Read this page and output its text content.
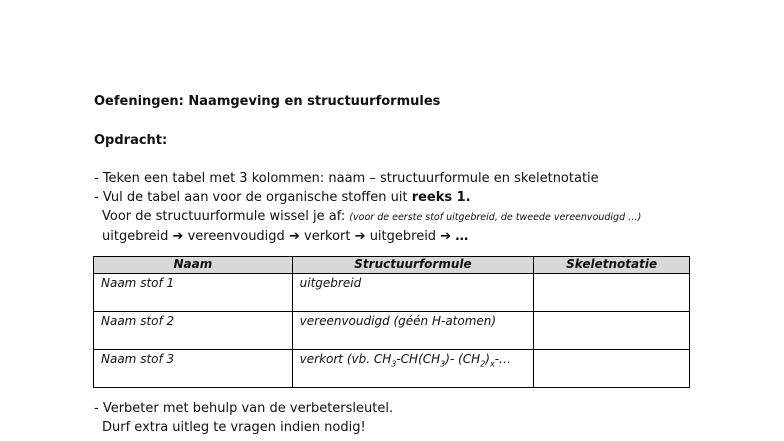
Oefeningen: Naamgeving en structuurformules
Opdracht:
- Teken een tabel met 3 kolommen: naam – structuurformule en skeletnotatie
- Vul de tabel aan voor de organische stoffen uit reeks 1.
Voor de structuurformule wissel je af: (voor de eerste stof uitgebreid, de tweede vereenvoudigd …)
uitgebreid ➔ vereenvoudigd ➔ verkort ➔ uitgebreid ➔ …
Naam	Structuurformule	Skeletnotatie
Naam stof 1	uitgebreid	
Naam stof 2	vereenvoudigd (géén H-atomen)	
Naam stof 3	verkort (vb. $CH_3-CH(CH_3)-$ $(CH_2)_x-\dots$	
- Verbeter met behulp van de verbetersleutel.
Durf extra uitleg te vragen indien nodig!
